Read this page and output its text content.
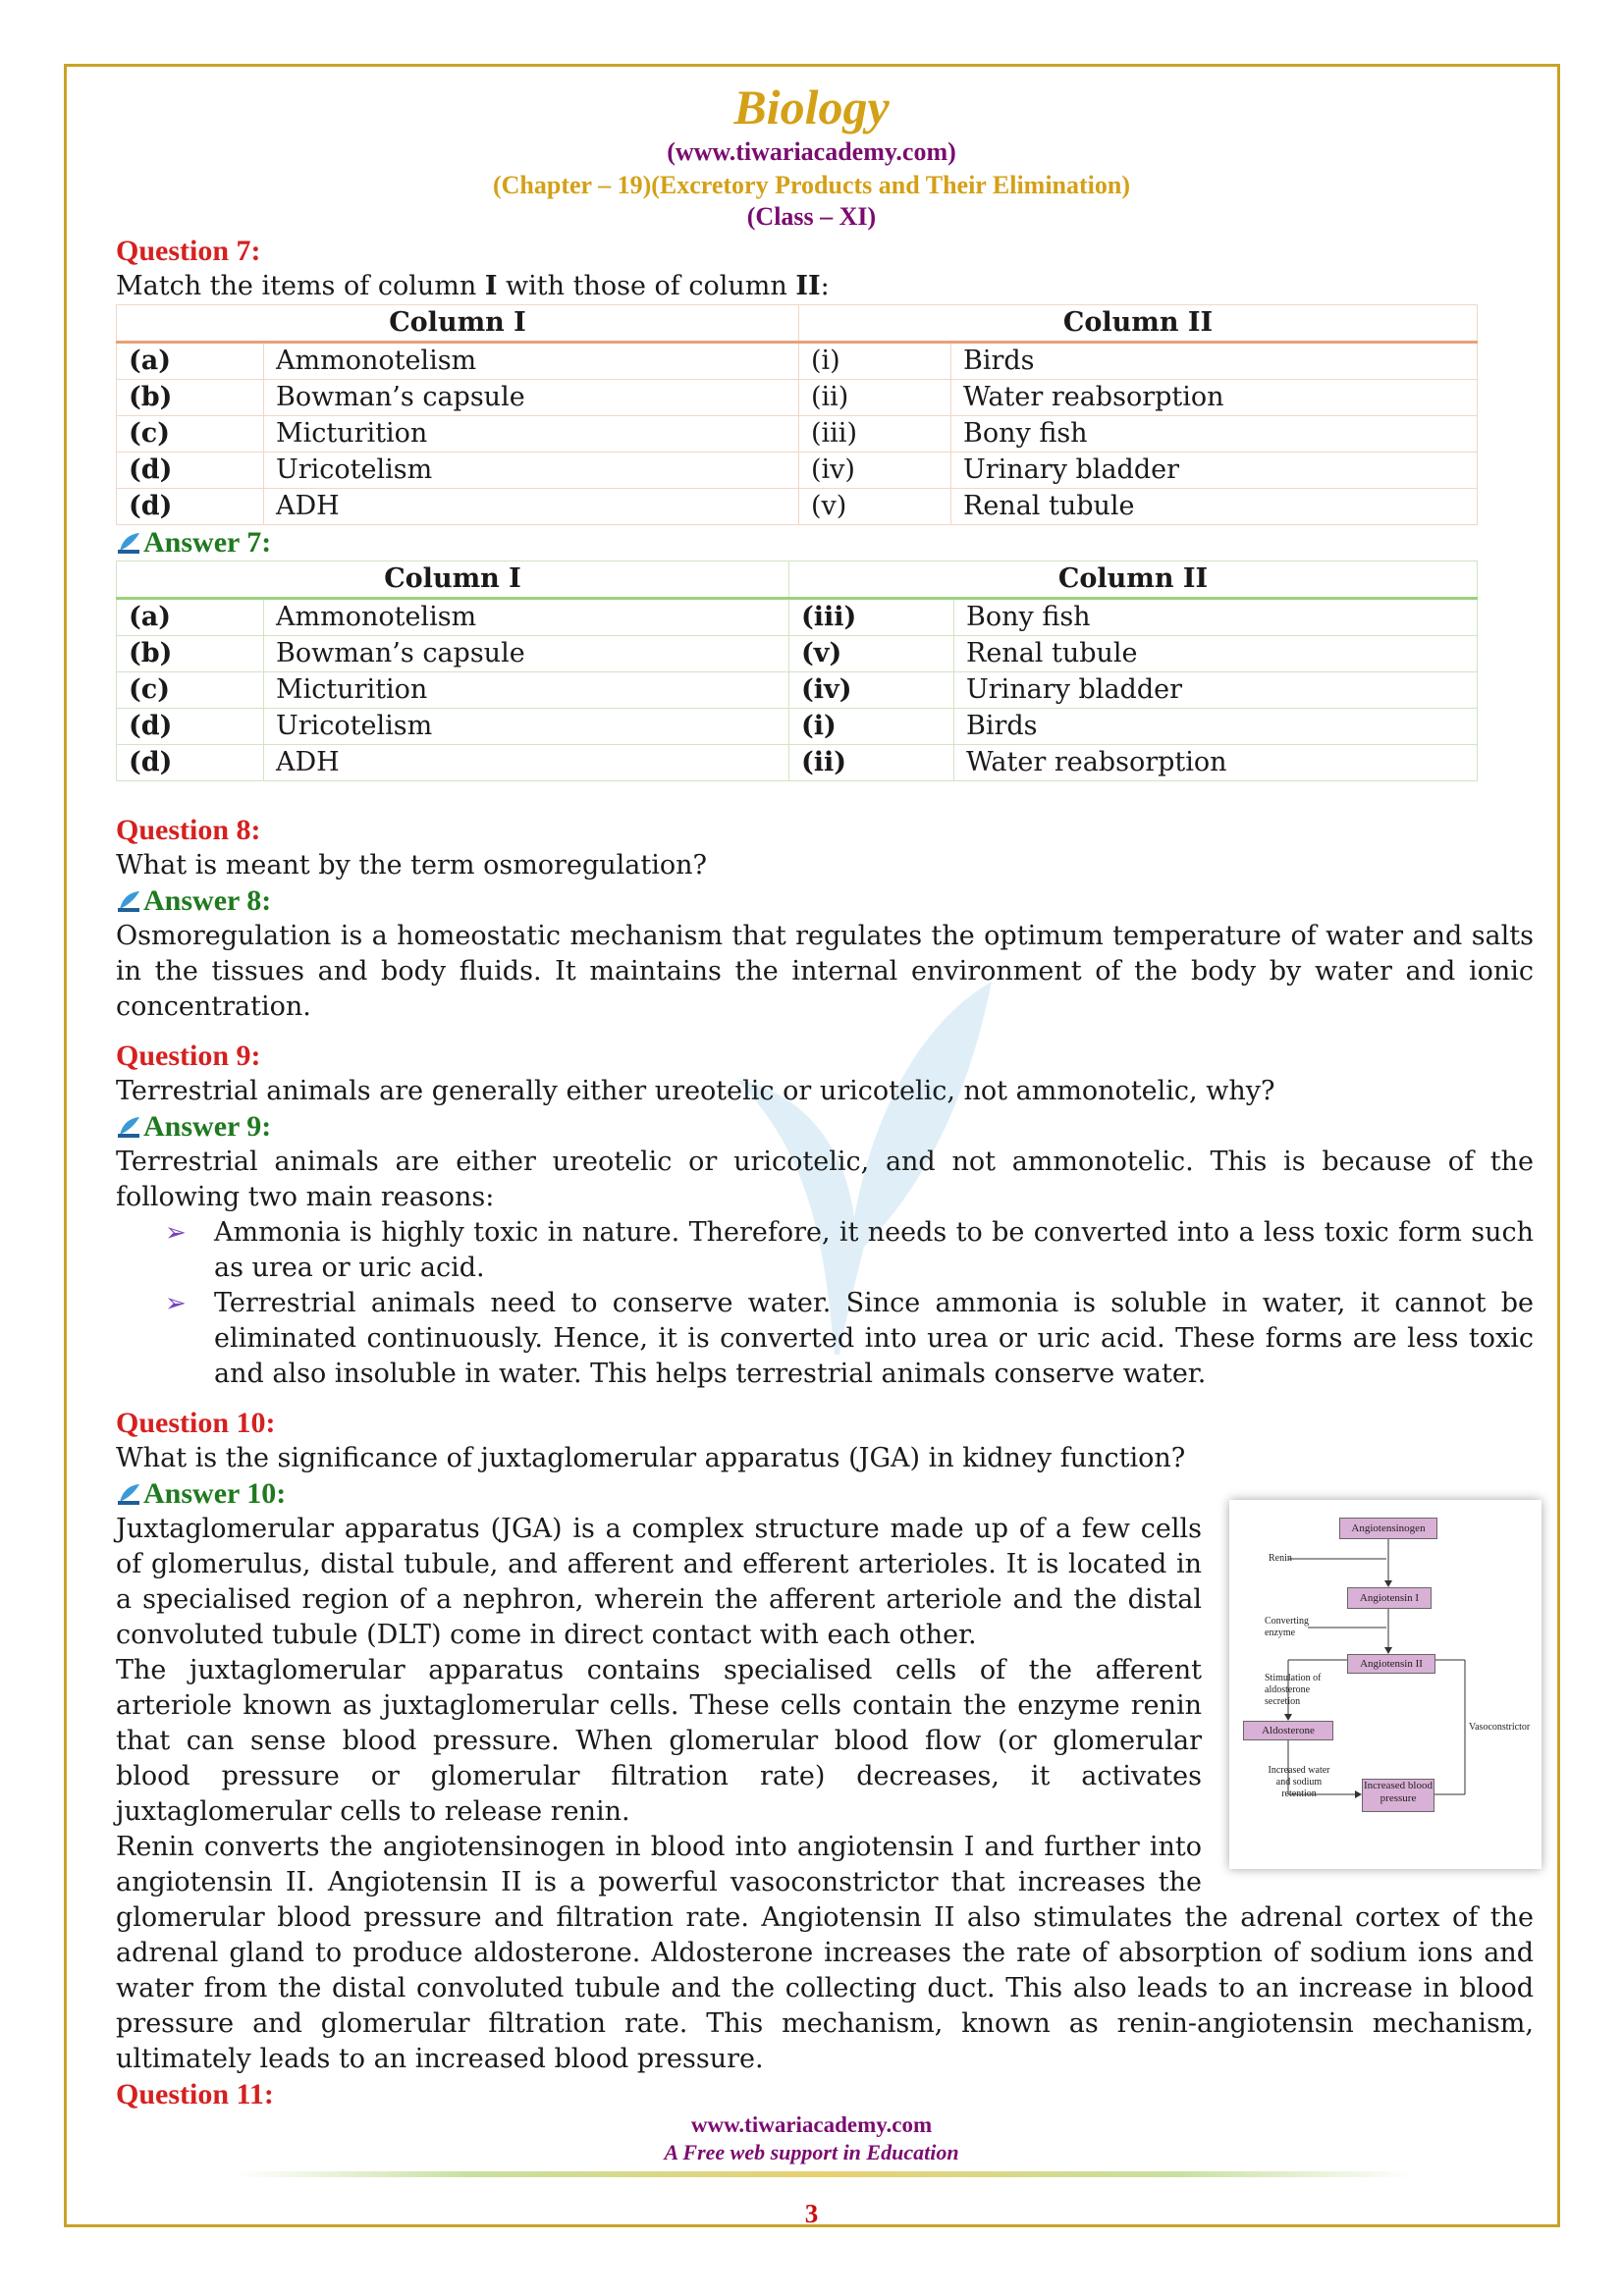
Biology
(www.tiwariacademy.com)
(Chapter – 19)(Excretory Products and Their Elimination)
(Class – XI)
Question 7:

Match the items of column I with those of column II:

Column I		Column II	
(a)	Ammonotelism	(i)	Birds
(b)	Bowman’s capsule	(ii)	Water reabsorption
(c)	Micturition	(iii)	Bony fish
(d)	Uricotelism	(iv)	Urinary bladder
(d)	ADH	(v)	Renal tubule
Answer 7:
Column I		Column II	
(a)	Ammonotelism	(iii)	Bony fish
(b)	Bowman’s capsule	(v)	Renal tubule
(c)	Micturition	(iv)	Urinary bladder
(d)	Uricotelism	(i)	Birds
(d)	ADH	(ii)	Water reabsorption
Question 8:

What is meant by the term osmoregulation?

Answer 8:

Osmoregulation is a homeostatic mechanism that regulates the optimum temperature of water and salts in the tissues and body fluids. It maintains the internal environment of the body by water and ionic concentration.

Question 9:

Terrestrial animals are generally either ureotelic or uricotelic, not ammonotelic, why?

Answer 9:

Terrestrial animals are either ureotelic or uricotelic, and not ammonotelic. This is because of the following two main reasons:

➢ Ammonia is highly toxic in nature. Therefore, it needs to be converted into a less toxic form such as urea or uric acid.
➢ Terrestrial animals need to conserve water. Since ammonia is soluble in water, it cannot be eliminated continuously. Hence, it is converted into urea or uric acid. These forms are less toxic and also insoluble in water. This helps terrestrial animals conserve water.
Question 10:

What is the significance of juxtaglomerular apparatus (JGA) in kidney function?

Answer 10:
Angiotensinogen
Renin
Angiotensin I
Converting enzyme
Angiotensin II
Stimulation of aldosterone secretion
Aldosterone	Vasoconstrictor
Increased water and sodium retention
Increased blood pressure

Juxtaglomerular apparatus (JGA) is a complex structure made up of a few cells of glomerulus, distal tubule, and afferent and efferent arterioles. It is located in a specialised region of a nephron, wherein the afferent arteriole and the distal convoluted tubule (DLT) come in direct contact with each other.

The juxtaglomerular apparatus contains specialised cells of the afferent arteriole known as juxtaglomerular cells. These cells contain the enzyme renin that can sense blood pressure. When glomerular blood flow (or glomerular blood pressure or glomerular filtration rate) decreases, it activates juxtaglomerular cells to release renin.

Renin converts the angiotensinogen in blood into angiotensin I and further into angiotensin II. Angiotensin II is a powerful vasoconstrictor that increases the glomerular blood pressure and filtration rate. Angiotensin II also stimulates the adrenal cortex of the adrenal gland to produce aldosterone. Aldosterone increases the rate of absorption of sodium ions and water from the distal convoluted tubule and the collecting duct. This also leads to an increase in blood pressure and glomerular filtration rate. This mechanism, known as renin-angiotensin mechanism, ultimately leads to an increased blood pressure.

Question 11:
www.tiwariacademy.com
A Free web support in Education
3
